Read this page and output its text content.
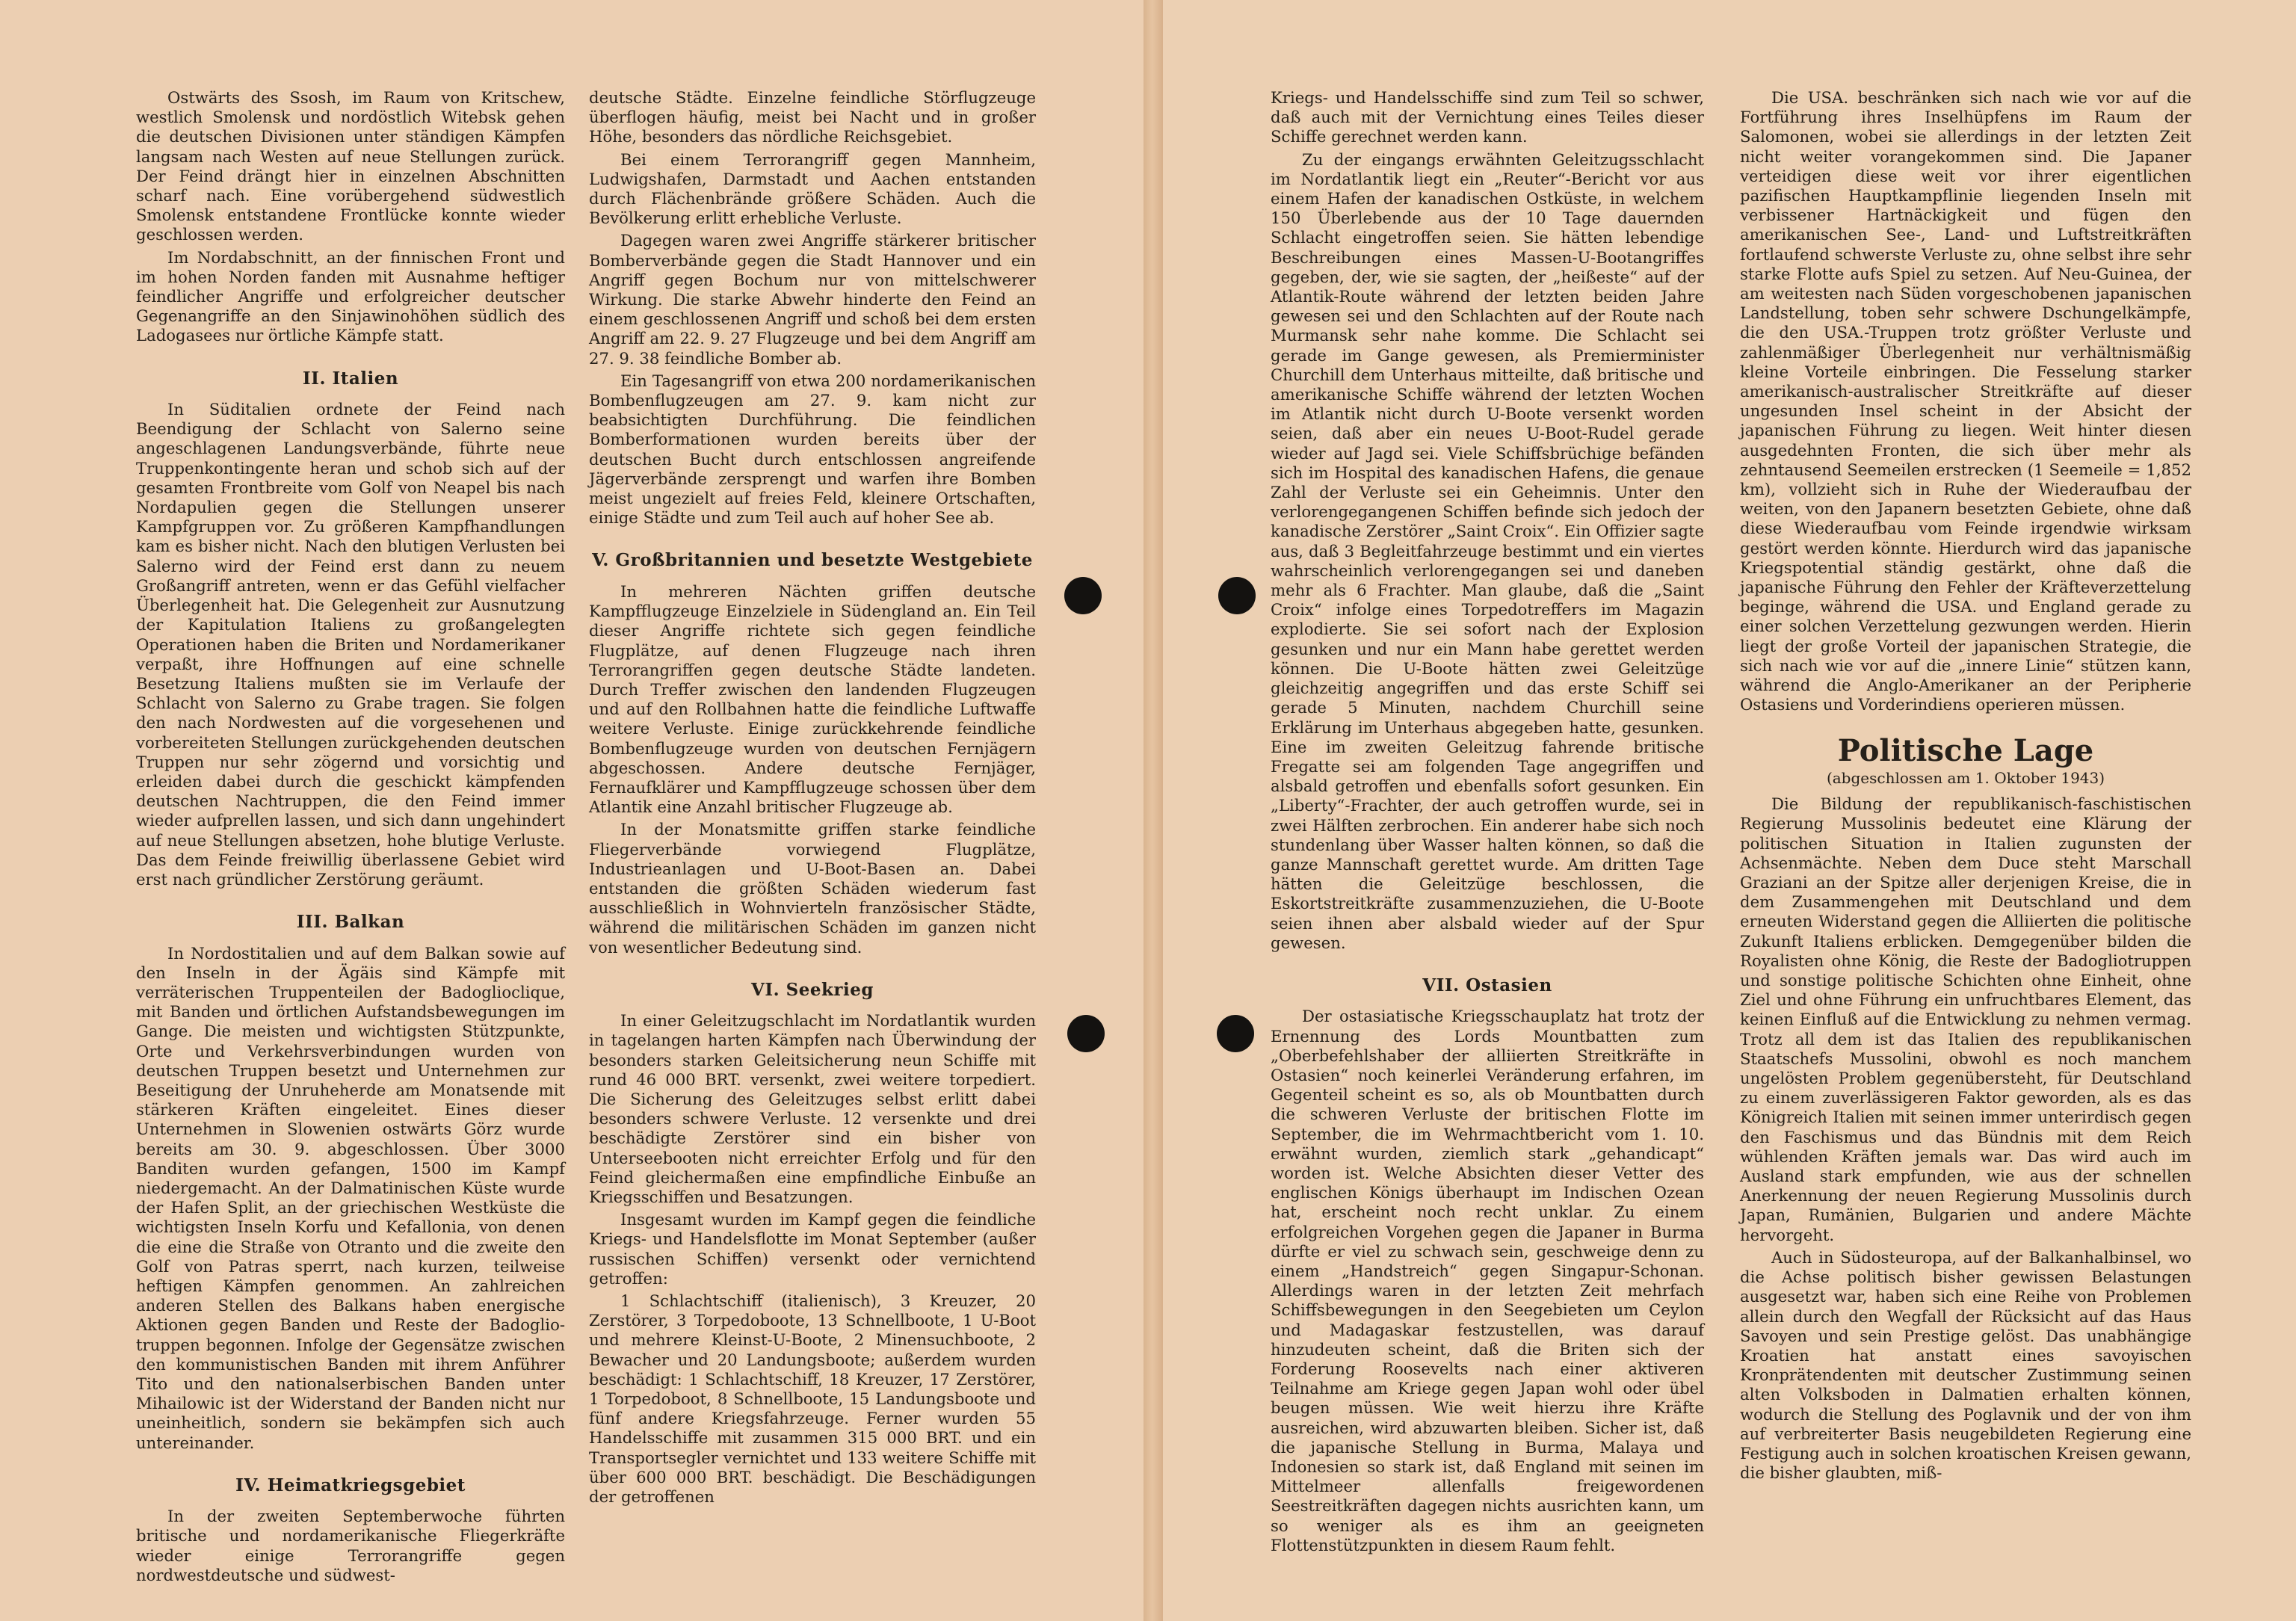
Ostwärts des Ssosh, im Raum von Kritschew, westlich Smolensk und nordöstlich Witebsk gehen die deutschen Divisionen unter ständigen Kämpfen langsam nach Westen auf neue Stellungen zurück. Der Feind drängt hier in einzelnen Abschnitten scharf nach. Eine vorübergehend südwestlich Smolensk entstandene Frontlücke konnte wieder geschlossen werden.

Im Nordabschnitt, an der finnischen Front und im hohen Norden fanden mit Ausnahme heftiger feindlicher Angriffe und erfolgreicher deutscher Gegenangriffe an den Sinjawinohöhen südlich des Ladogasees nur örtliche Kämpfe statt.

II. Italien

In Süditalien ordnete der Feind nach Beendigung der Schlacht von Salerno seine angeschlagenen Landungsverbände, führte neue Truppenkontingente heran und schob sich auf der gesamten Frontbreite vom Golf von Neapel bis nach Nordapulien gegen die Stellungen unserer Kampfgruppen vor. Zu größeren Kampfhandlungen kam es bisher nicht. Nach den blutigen Verlusten bei Salerno wird der Feind erst dann zu neuem Großangriff antreten, wenn er das Gefühl vielfacher Überlegenheit hat. Die Gelegenheit zur Ausnutzung der Kapitulation Italiens zu großangelegten Operationen haben die Briten und Nordamerikaner verpaßt, ihre Hoffnungen auf eine schnelle Besetzung Italiens mußten sie im Verlaufe der Schlacht von Salerno zu Grabe tragen. Sie folgen den nach Nordwesten auf die vorgesehenen und vorbereiteten Stellungen zurückgehenden deutschen Truppen nur sehr zögernd und vorsichtig und erleiden dabei durch die geschickt kämpfenden deutschen Nachtruppen, die den Feind immer wieder aufprellen lassen, und sich dann ungehindert auf neue Stellungen absetzen, hohe blutige Verluste. Das dem Feinde freiwillig überlassene Gebiet wird erst nach gründlicher Zerstörung geräumt.

III. Balkan

In Nordostitalien und auf dem Balkan sowie auf den Inseln in der Ägäis sind Kämpfe mit verräterischen Truppenteilen der Badoglioclique, mit Banden und örtlichen Aufstandsbewegungen im Gange. Die meisten und wichtigsten Stützpunkte, Orte und Verkehrsverbindungen wurden von deutschen Truppen besetzt und Unternehmen zur Beseitigung der Unruheherde am Monatsende mit stärkeren Kräften eingeleitet. Eines dieser Unternehmen in Slowenien ostwärts Görz wurde bereits am 30. 9. abgeschlossen. Über 3000 Banditen wurden gefangen, 1500 im Kampf niedergemacht. An der Dalmatinischen Küste wurde der Hafen Split, an der griechischen Westküste die wichtigsten Inseln Korfu und Kefallonia, von denen die eine die Straße von Otranto und die zweite den Golf von Patras sperrt, nach kurzen, teilweise heftigen Kämpfen genommen. An zahlreichen anderen Stellen des Balkans haben energische Aktionen gegen Banden und Reste der Badoglio-truppen begonnen. Infolge der Gegensätze zwischen den kommunistischen Banden mit ihrem Anführer Tito und den nationalserbischen Banden unter Mihailowic ist der Widerstand der Banden nicht nur uneinheitlich, sondern sie bekämpfen sich auch untereinander.

IV. Heimatkriegsgebiet

In der zweiten Septemberwoche führten britische und nordamerikanische Fliegerkräfte wieder einige Terrorangriffe gegen nordwestdeutsche und südwest-

deutsche Städte. Einzelne feindliche Störflugzeuge überflogen häufig, meist bei Nacht und in großer Höhe, besonders das nördliche Reichsgebiet.

Bei einem Terrorangriff gegen Mannheim, Ludwigshafen, Darmstadt und Aachen entstanden durch Flächenbrände größere Schäden. Auch die Bevölkerung erlitt erhebliche Verluste.

Dagegen waren zwei Angriffe stärkerer britischer Bomberverbände gegen die Stadt Hannover und ein Angriff gegen Bochum nur von mittelschwerer Wirkung. Die starke Abwehr hinderte den Feind an einem geschlossenen Angriff und schoß bei dem ersten Angriff am 22. 9. 27 Flugzeuge und bei dem Angriff am 27. 9. 38 feindliche Bomber ab.

Ein Tagesangriff von etwa 200 nordamerikanischen Bombenflugzeugen am 27. 9. kam nicht zur beabsichtigten Durchführung. Die feindlichen Bomberformationen wurden bereits über der deutschen Bucht durch entschlossen angreifende Jägerverbände zersprengt und warfen ihre Bomben meist ungezielt auf freies Feld, kleinere Ortschaften, einige Städte und zum Teil auch auf hoher See ab.

V. Großbritannien und besetzte Westgebiete

In mehreren Nächten griffen deutsche Kampfflugzeuge Einzelziele in Südengland an. Ein Teil dieser Angriffe richtete sich gegen feindliche Flugplätze, auf denen Flugzeuge nach ihren Terrorangriffen gegen deutsche Städte landeten. Durch Treffer zwischen den landenden Flugzeugen und auf den Rollbahnen hatte die feindliche Luftwaffe weitere Verluste. Einige zurückkehrende feindliche Bombenflugzeuge wurden von deutschen Fernjägern abgeschossen. Andere deutsche Fernjäger, Fernaufklärer und Kampfflugzeuge schossen über dem Atlantik eine Anzahl britischer Flugzeuge ab.

In der Monatsmitte griffen starke feindliche Fliegerverbände vorwiegend Flugplätze, Industrieanlagen und U-Boot-Basen an. Dabei entstanden die größten Schäden wiederum fast ausschließlich in Wohnvierteln französischer Städte, während die militärischen Schäden im ganzen nicht von wesentlicher Bedeutung sind.

VI. Seekrieg

In einer Geleitzugschlacht im Nordatlantik wurden in tagelangen harten Kämpfen nach Überwindung der besonders starken Geleitsicherung neun Schiffe mit rund 46 000 BRT. versenkt, zwei weitere torpediert. Die Sicherung des Geleitzuges selbst erlitt dabei besonders schwere Verluste. 12 versenkte und drei beschädigte Zerstörer sind ein bisher von Unterseebooten nicht erreichter Erfolg und für den Feind gleichermaßen eine empfindliche Einbuße an Kriegsschiffen und Besatzungen.

Insgesamt wurden im Kampf gegen die feindliche Kriegs- und Handelsflotte im Monat September (außer russischen Schiffen) versenkt oder vernichtend getroffen:

1 Schlachtschiff (italienisch), 3 Kreuzer, 20 Zerstörer, 3 Torpedoboote, 13 Schnellboote, 1 U-Boot und mehrere Kleinst-U-Boote, 2 Minensuchboote, 2 Bewacher und 20 Landungsboote; außerdem wurden beschädigt: 1 Schlachtschiff, 18 Kreuzer, 17 Zerstörer, 1 Torpedoboot, 8 Schnellboote, 15 Landungsboote und fünf andere Kriegsfahrzeuge. Ferner wurden 55 Handelsschiffe mit zusammen 315 000 BRT. und ein Transportsegler vernichtet und 133 weitere Schiffe mit über 600 000 BRT. beschädigt. Die Beschädigungen der getroffenen

Kriegs- und Handelsschiffe sind zum Teil so schwer, daß auch mit der Vernichtung eines Teiles dieser Schiffe gerechnet werden kann.

Zu der eingangs erwähnten Geleitzugsschlacht im Nordatlantik liegt ein „Reuter“-Bericht vor aus einem Hafen der kanadischen Ostküste, in welchem 150 Überlebende aus der 10 Tage dauernden Schlacht eingetroffen seien. Sie hätten lebendige Beschreibungen eines Massen-U-Bootangriffes gegeben, der, wie sie sagten, der „heißeste“ auf der Atlantik-Route während der letzten beiden Jahre gewesen sei und den Schlachten auf der Route nach Murmansk sehr nahe komme. Die Schlacht sei gerade im Gange gewesen, als Premierminister Churchill dem Unterhaus mitteilte, daß britische und amerikanische Schiffe während der letzten Wochen im Atlantik nicht durch U-Boote versenkt worden seien, daß aber ein neues U-Boot-Rudel gerade wieder auf Jagd sei. Viele Schiffsbrüchige befänden sich im Hospital des kanadischen Hafens, die genaue Zahl der Verluste sei ein Geheimnis. Unter den verlorengegangenen Schiffen befinde sich jedoch der kanadische Zerstörer „Saint Croix“. Ein Offizier sagte aus, daß 3 Begleitfahrzeuge bestimmt und ein viertes wahrscheinlich verlorengegangen sei und daneben mehr als 6 Frachter. Man glaube, daß die „Saint Croix“ infolge eines Torpedotreffers im Magazin explodierte. Sie sei sofort nach der Explosion gesunken und nur ein Mann habe gerettet werden können. Die U-Boote hätten zwei Geleitzüge gleichzeitig angegriffen und das erste Schiff sei gerade 5 Minuten, nachdem Churchill seine Erklärung im Unterhaus abgegeben hatte, gesunken. Eine im zweiten Geleitzug fahrende britische Fregatte sei am folgenden Tage angegriffen und alsbald getroffen und ebenfalls sofort gesunken. Ein „Liberty“-Frachter, der auch getroffen wurde, sei in zwei Hälften zerbrochen. Ein anderer habe sich noch stundenlang über Wasser halten können, so daß die ganze Mannschaft gerettet wurde. Am dritten Tage hätten die Geleitzüge beschlossen, die Eskortstreitkräfte zusammenzuziehen, die U-Boote seien ihnen aber alsbald wieder auf der Spur gewesen.

VII. Ostasien

Der ostasiatische Kriegsschauplatz hat trotz der Ernennung des Lords Mountbatten zum „Oberbefehlshaber der alliierten Streitkräfte in Ostasien“ noch keinerlei Veränderung erfahren, im Gegenteil scheint es so, als ob Mountbatten durch die schweren Verluste der britischen Flotte im September, die im Wehrmachtbericht vom 1. 10. erwähnt wurden, ziemlich stark „gehandicapt“ worden ist. Welche Absichten dieser Vetter des englischen Königs überhaupt im Indischen Ozean hat, erscheint noch recht unklar. Zu einem erfolgreichen Vorgehen gegen die Japaner in Burma dürfte er viel zu schwach sein, geschweige denn zu einem „Handstreich“ gegen Singapur-Schonan. Allerdings waren in der letzten Zeit mehrfach Schiffsbewegungen in den Seegebieten um Ceylon und Madagaskar festzustellen, was darauf hinzudeuten scheint, daß die Briten sich der Forderung Roosevelts nach einer aktiveren Teilnahme am Kriege gegen Japan wohl oder übel beugen müssen. Wie weit hierzu ihre Kräfte ausreichen, wird abzuwarten bleiben. Sicher ist, daß die japanische Stellung in Burma, Malaya und Indonesien so stark ist, daß England mit seinen im Mittelmeer allenfalls freigewordenen Seestreitkräften dagegen nichts ausrichten kann, um so weniger als es ihm an geeigneten Flottenstützpunkten in diesem Raum fehlt.

Die USA. beschränken sich nach wie vor auf die Fortführung ihres Inselhüpfens im Raum der Salomonen, wobei sie allerdings in der letzten Zeit nicht weiter vorangekommen sind. Die Japaner verteidigen diese weit vor ihrer eigentlichen pazifischen Hauptkampflinie liegenden Inseln mit verbissener Hartnäckigkeit und fügen den amerikanischen See-, Land- und Luftstreitkräften fortlaufend schwerste Verluste zu, ohne selbst ihre sehr starke Flotte aufs Spiel zu setzen. Auf Neu-Guinea, der am weitesten nach Süden vorgeschobenen japanischen Landstellung, toben sehr schwere Dschungelkämpfe, die den USA.-Truppen trotz größter Verluste und zahlenmäßiger Überlegenheit nur verhältnismäßig kleine Vorteile einbringen. Die Fesselung starker amerikanisch-australischer Streitkräfte auf dieser ungesunden Insel scheint in der Absicht der japanischen Führung zu liegen. Weit hinter diesen ausgedehnten Fronten, die sich über mehr als zehntausend Seemeilen erstrecken (1 Seemeile = 1,852 km), vollzieht sich in Ruhe der Wiederaufbau der weiten, von den Japanern besetzten Gebiete, ohne daß diese Wiederaufbau vom Feinde irgendwie wirksam gestört werden könnte. Hierdurch wird das japanische Kriegspotential ständig gestärkt, ohne daß die japanische Führung den Fehler der Kräfteverzettelung beginge, während die USA. und England gerade zu einer solchen Verzettelung gezwungen werden. Hierin liegt der große Vorteil der japanischen Strategie, die sich nach wie vor auf die „innere Linie“ stützen kann, während die Anglo-Amerikaner an der Peripherie Ostasiens und Vorderindiens operieren müssen.

Politische Lage

(abgeschlossen am 1. Oktober 1943)

Die Bildung der republikanisch-faschistischen Regierung Mussolinis bedeutet eine Klärung der politischen Situation in Italien zugunsten der Achsenmächte. Neben dem Duce steht Marschall Graziani an der Spitze aller derjenigen Kreise, die in dem Zusammengehen mit Deutschland und dem erneuten Widerstand gegen die Alliierten die politische Zukunft Italiens erblicken. Demgegenüber bilden die Royalisten ohne König, die Reste der Badogliotruppen und sonstige politische Schichten ohne Einheit, ohne Ziel und ohne Führung ein unfruchtbares Element, das keinen Einfluß auf die Entwicklung zu nehmen vermag. Trotz all dem ist das Italien des republikanischen Staatschefs Mussolini, obwohl es noch manchem ungelösten Problem gegenübersteht, für Deutschland zu einem zuverlässigeren Faktor geworden, als es das Königreich Italien mit seinen immer unterirdisch gegen den Faschismus und das Bündnis mit dem Reich wühlenden Kräften jemals war. Das wird auch im Ausland stark empfunden, wie aus der schnellen Anerkennung der neuen Regierung Mussolinis durch Japan, Rumänien, Bulgarien und andere Mächte hervorgeht.

Auch in Südosteuropa, auf der Balkanhalbinsel, wo die Achse politisch bisher gewissen Belastungen ausgesetzt war, haben sich eine Reihe von Problemen allein durch den Wegfall der Rücksicht auf das Haus Savoyen und sein Prestige gelöst. Das unabhängige Kroatien hat anstatt eines savoyischen Kronprätendenten mit deutscher Zustimmung seinen alten Volksboden in Dalmatien erhalten können, wodurch die Stellung des Poglavnik und der von ihm auf verbreiterter Basis neugebildeten Regierung eine Festigung auch in solchen kroatischen Kreisen gewann, die bisher glaubten, miß-
